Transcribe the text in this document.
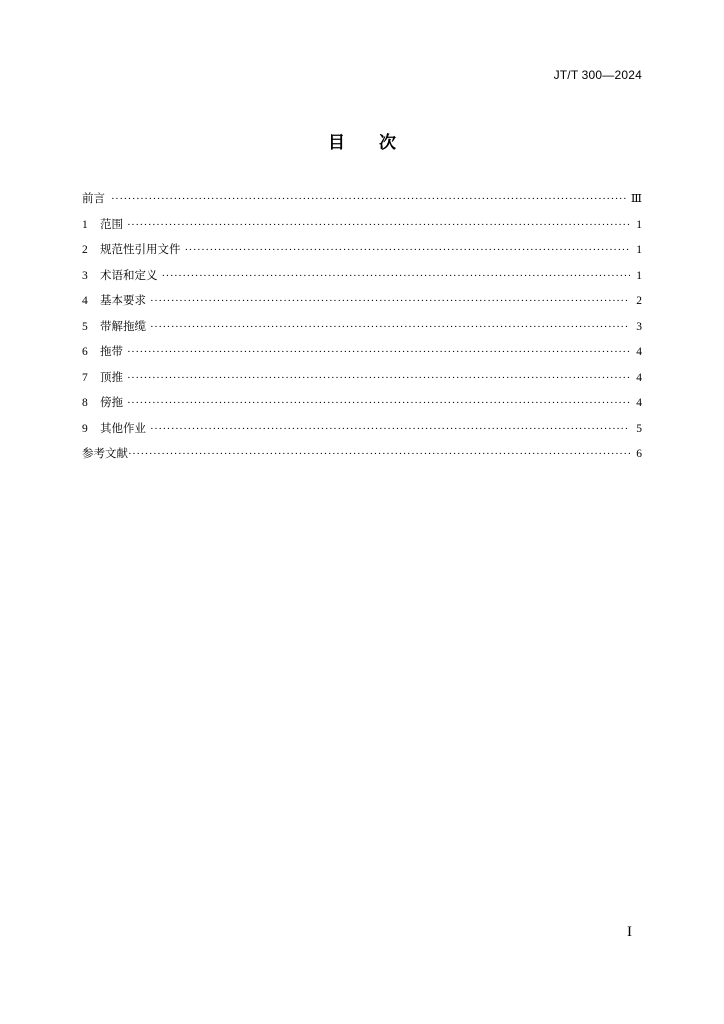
JT/T 300—2024
目 次
前言 ·····	Ⅲ
1	范围 ·····	1
2	规范性引用文件 ·····	1
3	术语和定义 ·····	1
4	基本要求 ·····	2
5	带解拖缆 ·····	3
6	拖带 ·····	4
7	顶推 ·····	4
8	傍拖 ·····	4
9	其他作业 ·····	5
参考文献 ·····	6
I
